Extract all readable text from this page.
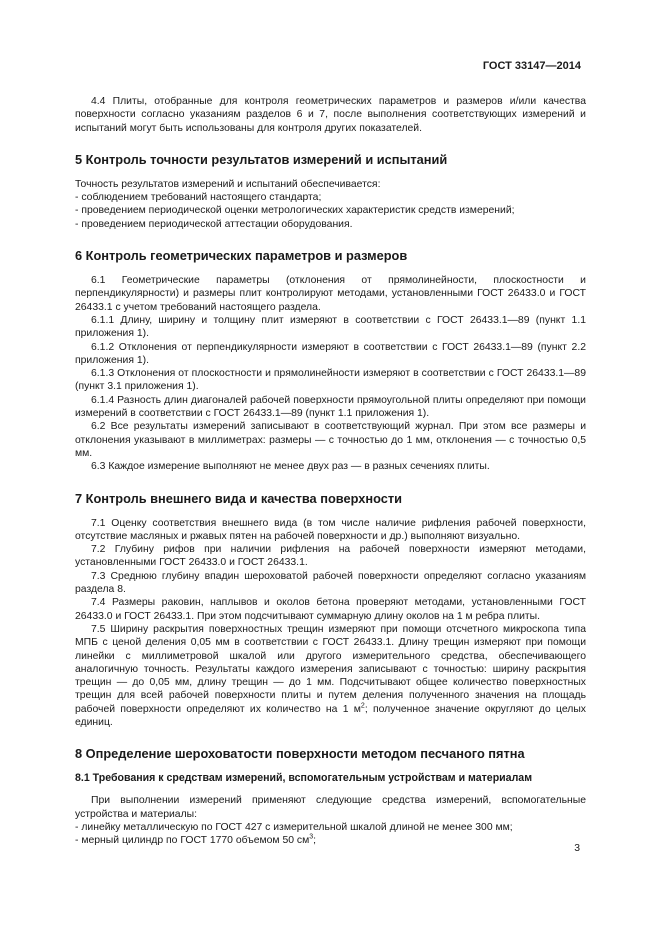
ГОСТ 33147—2014

4.4 Плиты, отобранные для контроля геометрических параметров и размеров и/или качества поверхности согласно указаниям разделов 6 и 7, после выполнения соответствующих измерений и испытаний могут быть использованы для контроля других показателей.

5 Контроль точности результатов измерений и испытаний

Точность результатов измерений и испытаний обеспечивается:

- соблюдением требований настоящего стандарта;

- проведением периодической оценки метрологических характеристик средств измерений;

- проведением периодической аттестации оборудования.

6 Контроль геометрических параметров и размеров

6.1 Геометрические параметры (отклонения от прямолинейности, плоскостности и перпендикулярности) и размеры плит контролируют методами, установленными ГОСТ 26433.0 и ГОСТ 26433.1 с учетом требований настоящего раздела.

6.1.1 Длину, ширину и толщину плит измеряют в соответствии с ГОСТ 26433.1—89 (пункт 1.1 приложения 1).

6.1.2 Отклонения от перпендикулярности измеряют в соответствии с ГОСТ 26433.1—89 (пункт 2.2 приложения 1).

6.1.3 Отклонения от плоскостности и прямолинейности измеряют в соответствии с ГОСТ 26433.1—89 (пункт 3.1 приложения 1).

6.1.4 Разность длин диагоналей рабочей поверхности прямоугольной плиты определяют при помощи измерений в соответствии с ГОСТ 26433.1—89 (пункт 1.1 приложения 1).

6.2 Все результаты измерений записывают в соответствующий журнал. При этом все размеры и отклонения указывают в миллиметрах: размеры — с точностью до 1 мм, отклонения — с точностью 0,5 мм.

6.3 Каждое измерение выполняют не менее двух раз — в разных сечениях плиты.

7 Контроль внешнего вида и качества поверхности

7.1 Оценку соответствия внешнего вида (в том числе наличие рифления рабочей поверхности, отсутствие масляных и ржавых пятен на рабочей поверхности и др.) выполняют визуально.

7.2 Глубину рифов при наличии рифления на рабочей поверхности измеряют методами, установленными ГОСТ 26433.0 и ГОСТ 26433.1.

7.3 Среднюю глубину впадин шероховатой рабочей поверхности определяют согласно указаниям раздела 8.

7.4 Размеры раковин, наплывов и околов бетона проверяют методами, установленными ГОСТ 26433.0 и ГОСТ 26433.1. При этом подсчитывают суммарную длину околов на 1 м ребра плиты.

7.5 Ширину раскрытия поверхностных трещин измеряют при помощи отсчетного микроскопа типа МПБ с ценой деления 0,05 мм в соответствии с ГОСТ 26433.1. Длину трещин измеряют при помощи линейки с миллиметровой шкалой или другого измерительного средства, обеспечивающего аналогичную точность. Результаты каждого измерения записывают с точностью: ширину раскрытия трещин — до 0,05 мм, длину трещин — до 1 мм. Подсчитывают общее количество поверхностных трещин для всей рабочей поверхности плиты и путем деления полученного значения на площадь рабочей поверхности определяют их количество на 1 $м^2$; полученное значение округляют до целых единиц.

8 Определение шероховатости поверхности методом песчаного пятна
8.1 Требования к средствам измерений, вспомогательным устройствам и материалам

При выполнении измерений применяют следующие средства измерений, вспомогательные устройства и материалы:

- линейку металлическую по ГОСТ 427 с измерительной шкалой длиной не менее 300 мм;

- мерный цилиндр по ГОСТ 1770 объемом 50 $см^3$;

3
